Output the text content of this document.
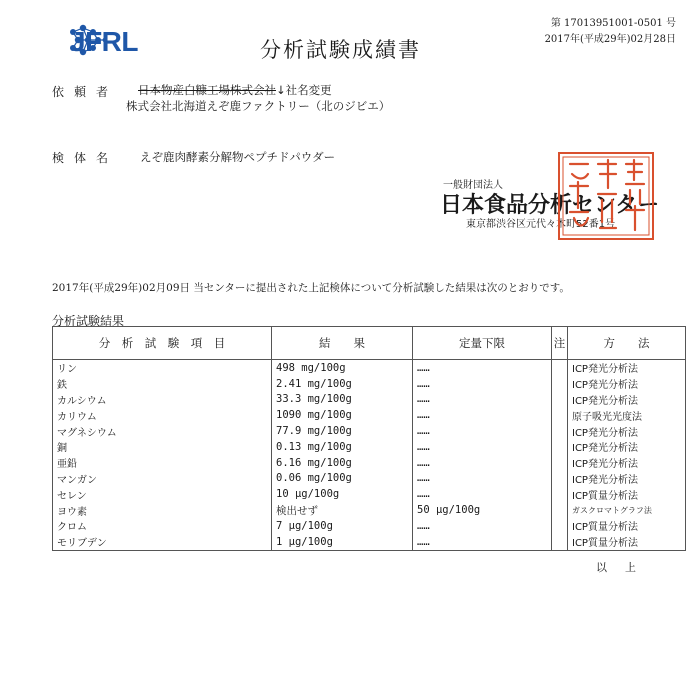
JFRL	分析試験成績書
第 17013951001-0501 号
2017年(平成29年)02月28日
依頼者 日本物産白糠工場株式会社↓社名変更
株式会社北海道えぞ鹿ファクトリー（北のジビエ）
検体名 えぞ鹿肉酵素分解物ペプチドパウダー
一般財団法人
日本食品分析センター
東京都渋谷区元代々木町52番1号
2017年(平成29年)02月09日 当センターに提出された上記検体について分析試験した結果は次のとおりです。
分析試験結果
分　析　試　験　項　目	結　　果	定量下限	注	方　　法
リン	498 mg/100g	……		ICP発光分析法
鉄	2.41 mg/100g	……		ICP発光分析法
カルシウム	33.3 mg/100g	……		ICP発光分析法
カリウム	1090 mg/100g	……		原子吸光光度法
マグネシウム	77.9 mg/100g	……		ICP発光分析法
銅	0.13 mg/100g	……		ICP発光分析法
亜鉛	6.16 mg/100g	……		ICP発光分析法
マンガン	0.06 mg/100g	……		ICP発光分析法
セレン	10 μg/100g	……		ICP質量分析法
ヨウ素	検出せず	50 μg/100g		ガスクロマトグラフ法
クロム	7 μg/100g	……		ICP質量分析法
モリブデン	1 μg/100g	……		ICP質量分析法
以上
